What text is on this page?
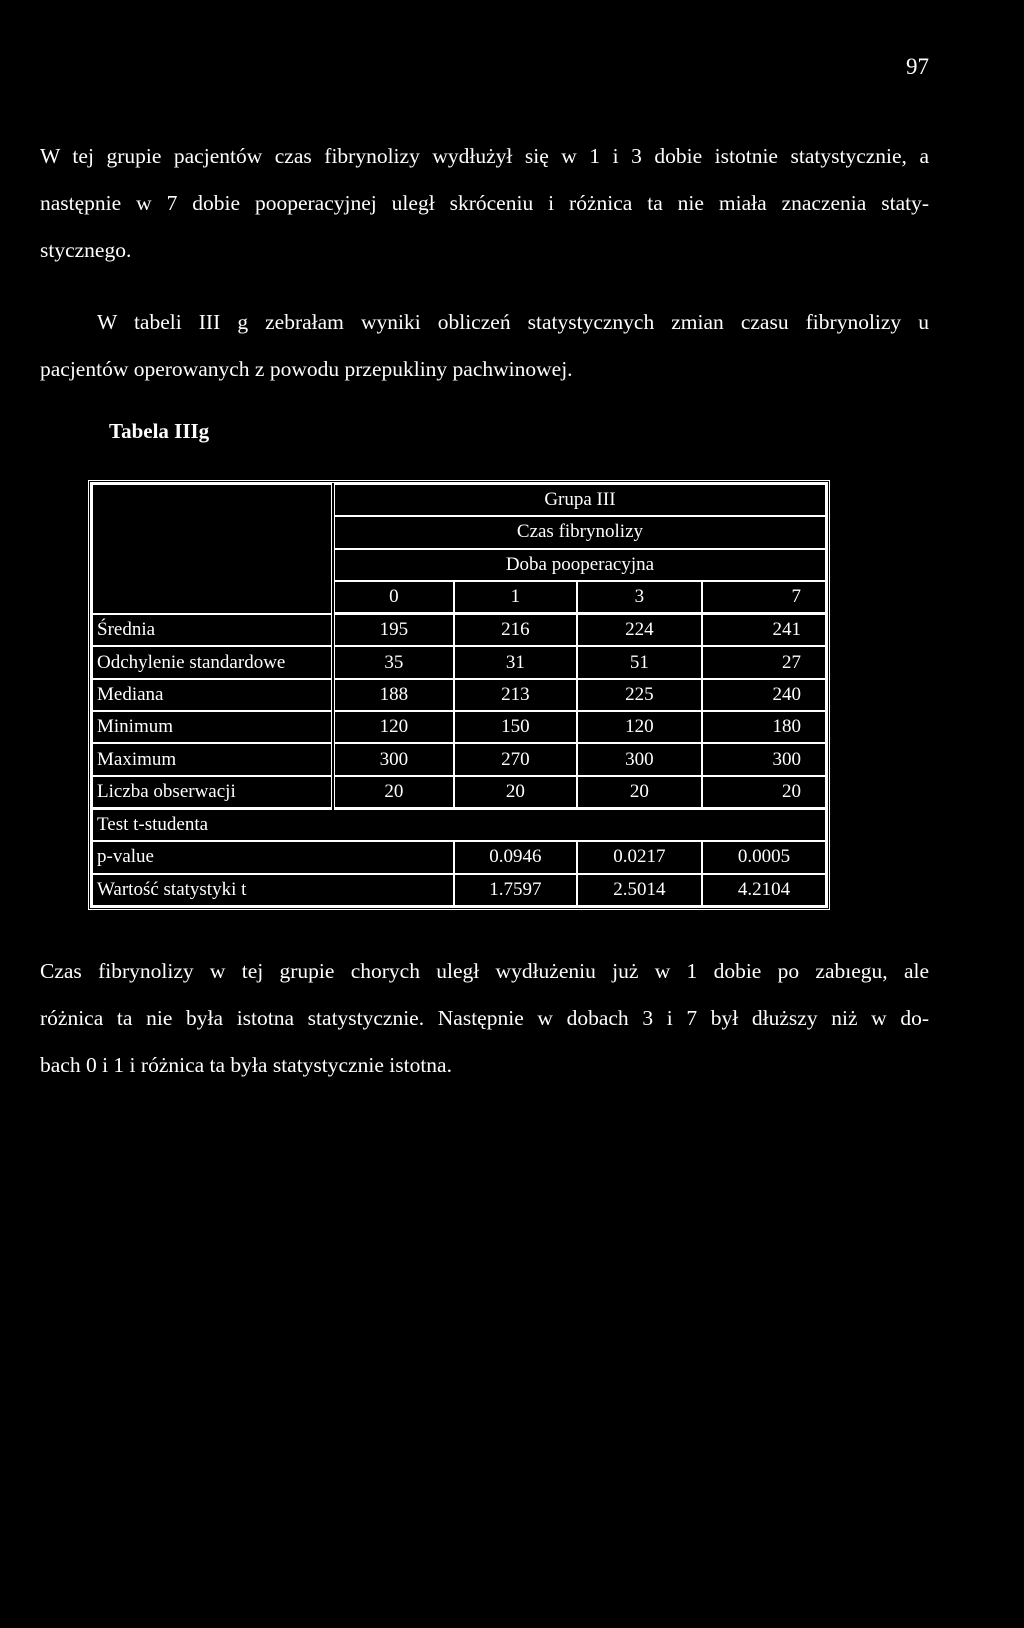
97
W tej grupie pacjentów czas fibrynolizy wydłużył się w 1 i 3 dobie istotnie statystycznie, a
następnie w 7 dobie pooperacyjnej uległ skróceniu i różnica ta nie miała znaczenia staty-
stycznego.
W tabeli III g zebrałam wyniki obliczeń statystycznych zmian czasu fibrynolizy u
pacjentów operowanych z powodu przepukliny pachwinowej.
Tabela IIIg
	Grupa III			
	Czas fibrynolizy			
	Doba pooperacyjna			
	0	1	3	7
Średnia	195	216	224	241
Odchylenie standardowe	35	31	51	27
Mediana	188	213	225	240
Minimum	120	150	120	180
Maximum	300	270	300	300
Liczba obserwacji	20	20	20	20
Test t-studenta				
p-value		0.0946	0.0217	0.0005
Wartość statystyki t		1.7597	2.5014	4.2104
Czas fibrynolizy w tej grupie chorych uległ wydłużeniu już w 1 dobie po zabıegu, ale
różnica ta nie była istotna statystycznie. Następnie w dobach 3 i 7 był dłuższy niż w do-
bach 0 i 1 i różnica ta była statystycznie istotna.
